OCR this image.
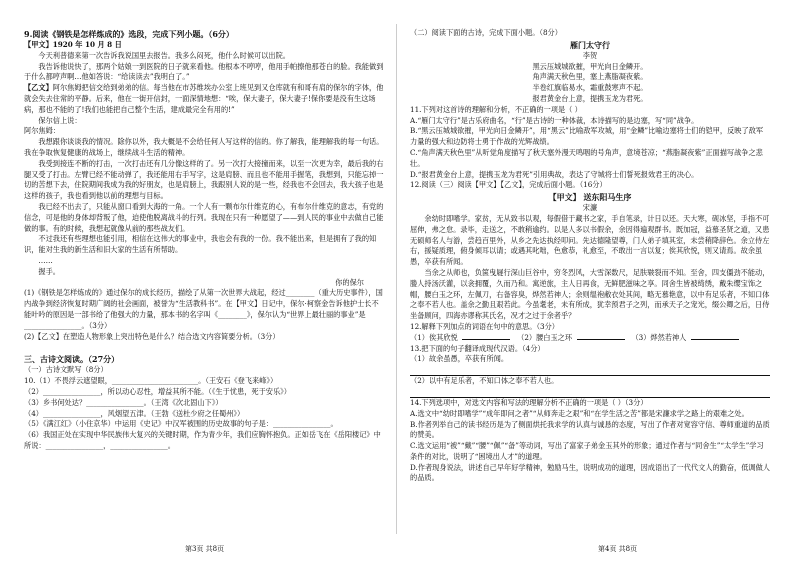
9.阅读《钢铁是怎样炼成的》选段，完成下列小题。（6分）

【甲文】1920 年 10 月 8 日

今天利普德来第一次告诉我说国里去报告。我多么闷死，他什么时候可以出院。

我告诉他说快了，那两个姑娘一到医院的日子就来看他。他根本不哼哼，他用手帕擦他那苍白的脸。我能做到于什么都哼声啊…他如答说：“给读读去”我明白了。”

【乙文】阿尔焦姆把信交给到弟弟的信。每当他在市苏维埃办公室上班见到又仓库就有和哥有肩的保尔的字体，他就会失去住常的平静。后来，他在一街开信封，一面深情地想：“唉，保大妻子，保大妻子!保你要是没有生这场病，那也不能的了!我们也能把自己整个生活，建成最完全有用的!”

保尔信上说：

阿尔焦姆：

我想跟你谈谈我的情况。除你以外，我大概是不会给任何人写这样的信的。你了解我，能理解我的每一句话。我在争取恢复健康的战场上，继续战斗生活的精神。

我受到接连不断的打击，一次打击还有几分像这样的了。另一次打大接撞而来，以至一次更为幸，最后我的右腿又受了打击。左臂已经不能动弹了，我还能用右手写字，这是肩膀、而且也不能用手握笔，我想到，只能忘掉一切的苦想下去，住院期间我成为我的好朋友，也是肩膀上，我跟别人说的是一些，经我也不会回去，我大孩子也是这样的孩子，我也看到他以前的理想与目标。

我已经不出去了，只能从窗口看到大海的一角。一个人有一颗布尔什维克的心，有布尔什维克的意志，有党的信念，可是他的身体却背叛了他，迫使他脱离战斗的行列。我现在只有一种愿望了——到人民的事业中去做自己能做的事。有的时候，我想起就像从前的那些战友们。

不过我还有些理想也能引用，相信在这伟大的事业中，我也会有我的一份。我不能出来，但是拥有了我的知识，能对生我的新生活和旧大家的生活有所帮助。

……

握手。

你的保尔

(1)《钢铁是怎样炼成的》通过保尔的成长经历，描绘了从第一次世界大战起，经过________（重大历史事件），国内战争到经济恢复时期广阔的社会画面，被誉为“生活教科书”。在【甲文】日记中，保尔·柯察金告诉他护士长不能叶吟的原因是一部书给了他强大的力量，那本书的名字叫《________》，保尔认为“世界上最壮丽的事业”是________________。（3分）

(2)【乙文】在塑造人物形象上突出特色是什么？结合选文内容简要分析。（3分）

三、古诗文阅读。（27分）

（一）古诗文默写（8分）

10.（1）不畏浮云遮望眼，________________________。（王安石《登飞来峰》）

（2）________________，所以动心忍性，增益其所不能。（《生于忧患，死于安乐》）

（3）乡书何处达？________________。（王湾《次北固山下》）

（4）________________，风烟望五津。（王勃《送杜少府之任蜀州》）

（5）《满江红》（小住京华）中运用《史记》中汉军被围的历史故事的句子是：________________。

（6）我国正处在实现中华民族伟大复兴的关键时期，作为青少年，我们应胸怀抱负。正如岳飞在《岳阳楼记》中所说：________________，________________。

（二）阅读下面的古诗，完成下面小题。（8分）

雁门太守行

李贺

黑云压城城欲摧，甲光向日金鳞开。

角声满天秋色里，塞上燕脂凝夜紫。

半卷红旗临易水，霜重鼓寒声不起。

报君黄金台上意，提携玉龙为君死。

11.下列对这首诗的理解和分析，不正确的一项是（ ）

A.“雁门太守行”是古乐府曲名，“行”是古诗的一种体裁，本诗描写的是边塞，写“同”战争。

B.“黑云压城城欲摧，甲光向日金鳞开”，用“黑云”比喻敌军攻城，用“金鳞”比喻边塞将士们的铠甲，反映了敌军力量的强大和边防将士勇于作战的光辉战绩。

C.“角声满天秋色里”从听觉角度描写了秋天塞外漫天鸣咽的号角声，意境苍凉；“燕脂凝夜紫”正面描写战争之悲壮。

D.“报君黄金台上意，提携玉龙为君死”引用典故，表达了守城将士们誓死报效君王的决心。

12.阅读（三）阅读【甲文】【乙文】，完成后面小题。（16分）

【甲文】 送东阳马生序

宋濂

余幼时即嗜学。家贫，无从致书以观，每假借于藏书之家，手自笔录，计日以还。天大寒，砚冰坚，手指不可屈伸，弗之怠。录毕，走送之，不敢稍逾约。以是人多以书假余，余因得遍观群书。既加冠，益慕圣贤之道，又患无硕师名人与游，尝趋百里外，从乡之先达执经叩问。先达德隆望尊，门人弟子填其室，未尝稍降辞色。余立侍左右，援疑质理，俯身倾耳以请；或遇其叱咄，色愈恭，礼愈至，不敢出一言以复；俟其欣悦，则又请焉。故余虽愚，卒获有所闻。

当余之从师也，负箧曳屣行深山巨谷中，穷冬烈风，大雪深数尺，足肤皲裂而不知。至舍，四支僵劲不能动，媵人持汤沃灌，以衾拥覆，久而乃和。寓逆旅，主人日再食，无鲜肥滋味之享。同舍生皆被绮绣，戴朱缨宝饰之帽，腰白玉之环，左佩刀，右备容臭，烨然若神人；余则缊袍敝衣处其间，略无慕艳意，以中有足乐者，不知口体之奉不若人也。盖余之勤且艰若此。今虽耄老，未有所成，犹幸预君子之列，而承天子之宠光，缀公卿之后，日侍坐备顾问，四海亦谬称其氏名，况才之过于余者乎？

12.解释下列加点的词语在句中的意思。（3分）

（1）俟其欣悦	（2）腰白玉之环	（3）烨然若神人

13.把下面的句子翻译成现代汉语。（4分）

（1）故余虽愚，卒获有所闻。

（2）以中有足乐者，不知口体之奉不若人也。

14.下列选项中，对选文内容和写法的理解分析不正确的一项是（ ）（3分）

A.选文中“幼时即嗜学”“成年即问之者”“从师奔走之艰”和“在学生活之苦”都是宋濂求学之路上的艰难之处。

B.作者列举自己的读书经历是为了侧面烘托我求学的认真与诚恳的态度，写出了作者对宽容守信、尊师重道的品质的赞美。

C.选文运用“被”“戴”“腰”“佩”“备”等动词，写出了富家子弟金玉其外的形象；通过作者与“同舍生”“太学生”学习条件的对比，说明了“困境出人才”的道理。

D.作者现身说法，讲述自己早年好学精神，勉励马生，说明成功的道理，因成语出了一代代文人的勤奋，低调做人的品质。

第3页 共8页	第4页 共8页
